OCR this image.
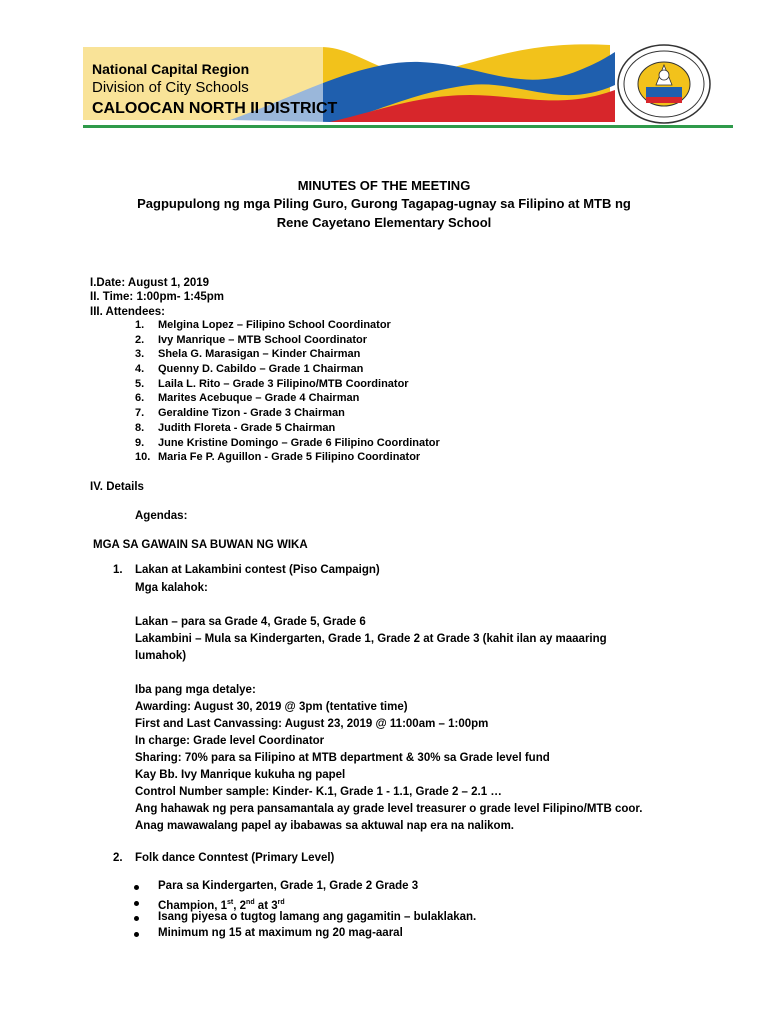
National Capital Region
Division of City Schools
CALOOCAN NORTH II DISTRICT
MINUTES OF THE MEETING
Pagpupulong ng mga Piling Guro, Gurong Tagapag-ugnay sa Filipino at MTB ng
Rene Cayetano Elementary School
I.Date: August 1, 2019
II. Time: 1:00pm- 1:45pm
III. Attendees:
1. Melgina Lopez – Filipino School Coordinator
2. Ivy Manrique – MTB School Coordinator
3. Shela G. Marasigan – Kinder Chairman
4. Quenny D. Cabildo – Grade 1 Chairman
5. Laila L. Rito – Grade 3 Filipino/MTB Coordinator
6. Marites Acebuque – Grade 4 Chairman
7. Geraldine Tizon - Grade 3 Chairman
8. Judith Floreta - Grade 5 Chairman
9. June Kristine Domingo – Grade 6 Filipino Coordinator
10. Maria Fe P. Aguillon - Grade 5 Filipino Coordinator
IV. Details
Agendas:
MGA SA GAWAIN SA BUWAN NG WIKA
1. Lakan at Lakambini contest (Piso Campaign)
Mga kalahok:
Lakan – para sa Grade 4, Grade 5, Grade 6
Lakambini – Mula sa Kindergarten, Grade 1, Grade 2 at Grade 3 (kahit ilan ay maaaring
lumahok)
Iba pang mga detalye:
Awarding: August 30, 2019 @ 3pm (tentative time)
First and Last Canvassing: August 23, 2019 @ 11:00am – 1:00pm
In charge: Grade level Coordinator
Sharing: 70% para sa Filipino at MTB department & 30% sa Grade level fund
Kay Bb. Ivy Manrique kukuha ng papel
Control Number sample: Kinder- K.1, Grade 1 - 1.1, Grade 2 – 2.1 …
Ang hahawak ng pera pansamantala ay grade level treasurer o grade level Filipino/MTB coor.
Anag mawawalang papel ay ibabawas sa aktuwal nap era na nalikom.
2. Folk dance Conntest (Primary Level)
Para sa Kindergarten, Grade 1, Grade 2 Grade 3
Champion, 1st, 2nd at 3rd
Isang piyesa o tugtog lamang ang gagamitin – bulaklakan.
Minimum ng 15 at maximum ng 20 mag-aaral
